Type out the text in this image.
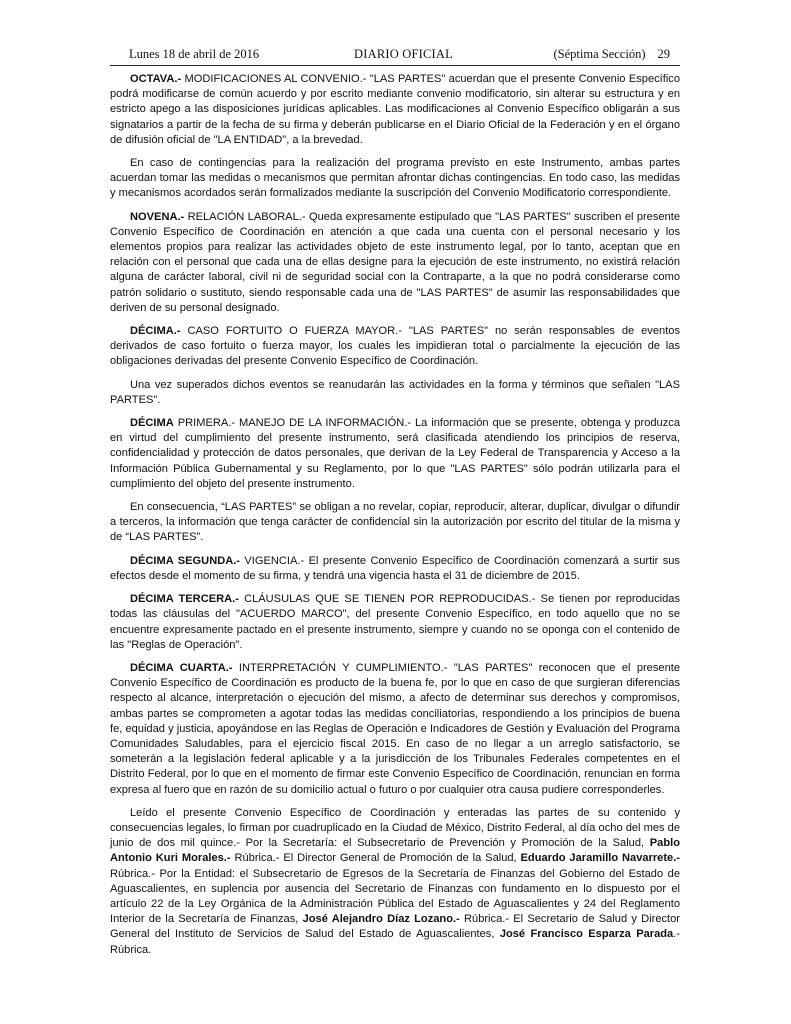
Lunes 18 de abril de 2016	DIARIO OFICIAL	(Séptima Sección) 29

OCTAVA.- MODIFICACIONES AL CONVENIO.- "LAS PARTES" acuerdan que el presente Convenio Específico podrá modificarse de común acuerdo y por escrito mediante convenio modificatorio, sin alterar su estructura y en estricto apego a las disposiciones jurídicas aplicables. Las modificaciones al Convenio Específico obligarán a sus signatarios a partir de la fecha de su firma y deberán publicarse en el Diario Oficial de la Federación y en el órgano de difusión oficial de "LA ENTIDAD", a la brevedad.

En caso de contingencias para la realización del programa previsto en este Instrumento, ambas partes acuerdan tomar las medidas o mecanismos que permitan afrontar dichas contingencias. En todo caso, las medidas y mecanismos acordados serán formalizados mediante la suscripción del Convenio Modificatorio correspondiente.

NOVENA.- RELACIÓN LABORAL.- Queda expresamente estipulado que "LAS PARTES" suscriben el presente Convenio Específico de Coordinación en atención a que cada una cuenta con el personal necesario y los elementos propios para realizar las actividades objeto de este instrumento legal, por lo tanto, aceptan que en relación con el personal que cada una de ellas designe para la ejecución de este instrumento, no existirá relación alguna de carácter laboral, civil ni de seguridad social con la Contraparte, a la que no podrá considerarse como patrón solidario o sustituto, siendo responsable cada una de "LAS PARTES" de asumir las responsabilidades que deriven de su personal designado.

DÉCIMA.- CASO FORTUITO O FUERZA MAYOR.- "LAS PARTES" no serán responsables de eventos derivados de caso fortuito o fuerza mayor, los cuales les impidieran total o parcialmente la ejecución de las obligaciones derivadas del presente Convenio Específico de Coordinación.

Una vez superados dichos eventos se reanudarán las actividades en la forma y términos que señalen "LAS PARTES".

DÉCIMA PRIMERA.- MANEJO DE LA INFORMACIÓN.- La información que se presente, obtenga y produzca en virtud del cumplimiento del presente instrumento, será clasificada atendiendo los principios de reserva, confidencialidad y protección de datos personales, que derivan de la Ley Federal de Transparencia y Acceso a la Información Pública Gubernamental y su Reglamento, por lo que "LAS PARTES" sólo podrán utilizarla para el cumplimiento del objeto del presente instrumento.

En consecuencia, “LAS PARTES” se obligan a no revelar, copiar, reproducir, alterar, duplicar, divulgar o difundir a terceros, la información que tenga carácter de confidencial sin la autorización por escrito del titular de la misma y de “LAS PARTES”.

DÉCIMA SEGUNDA.- VIGENCIA.- El presente Convenio Específico de Coordinación comenzará a surtir sus efectos desde el momento de su firma, y tendrá una vigencia hasta el 31 de diciembre de 2015.

DÉCIMA TERCERA.- CLÁUSULAS QUE SE TIENEN POR REPRODUCIDAS.- Se tienen por reproducidas todas las cláusulas del "ACUERDO MARCO", del presente Convenio Específico, en todo aquello que no se encuentre expresamente pactado en el presente instrumento, siempre y cuando no se oponga con el contenido de las "Reglas de Operación".

DÉCIMA CUARTA.- INTERPRETACIÓN Y CUMPLIMIENTO.- "LAS PARTES" reconocen que el presente Convenio Específico de Coordinación es producto de la buena fe, por lo que en caso de que surgieran diferencias respecto al alcance, interpretación o ejecución del mismo, a afecto de determinar sus derechos y compromisos, ambas partes se comprometen a agotar todas las medidas conciliatorias, respondiendo a los principios de buena fe, equidad y justicia, apoyándose en las Reglas de Operación e Indicadores de Gestión y Evaluación del Programa Comunidades Saludables, para el ejercicio fiscal 2015. En caso de no llegar a un arreglo satisfactorio, se someterán a la legislación federal aplicable y a la jurisdicción de los Tribunales Federales competentes en el Distrito Federal, por lo que en el momento de firmar este Convenio Específico de Coordinación, renuncian en forma expresa al fuero que en razón de su domicilio actual o futuro o por cualquier otra causa pudiere corresponderles.

Leído el presente Convenio Específico de Coordinación y enteradas las partes de su contenido y consecuencias legales, lo firman por cuadruplicado en la Ciudad de México, Distrito Federal, al día ocho del mes de junio de dos mil quince.- Por la Secretaría: el Subsecretario de Prevención y Promoción de la Salud, Pablo Antonio Kuri Morales.- Rúbrica.- El Director General de Promoción de la Salud, Eduardo Jaramillo Navarrete.- Rúbrica.- Por la Entidad: el Subsecretario de Egresos de la Secretaría de Finanzas del Gobierno del Estado de Aguascalientes, en suplencia por ausencia del Secretario de Finanzas con fundamento en lo dispuesto por el artículo 22 de la Ley Orgánica de la Administración Pública del Estado de Aguascalientes y 24 del Reglamento Interior de la Secretaría de Finanzas, José Alejandro Díaz Lozano.- Rúbrica.- El Secretario de Salud y Director General del Instituto de Servicios de Salud del Estado de Aguascalientes, José Francisco Esparza Parada.- Rúbrica.
